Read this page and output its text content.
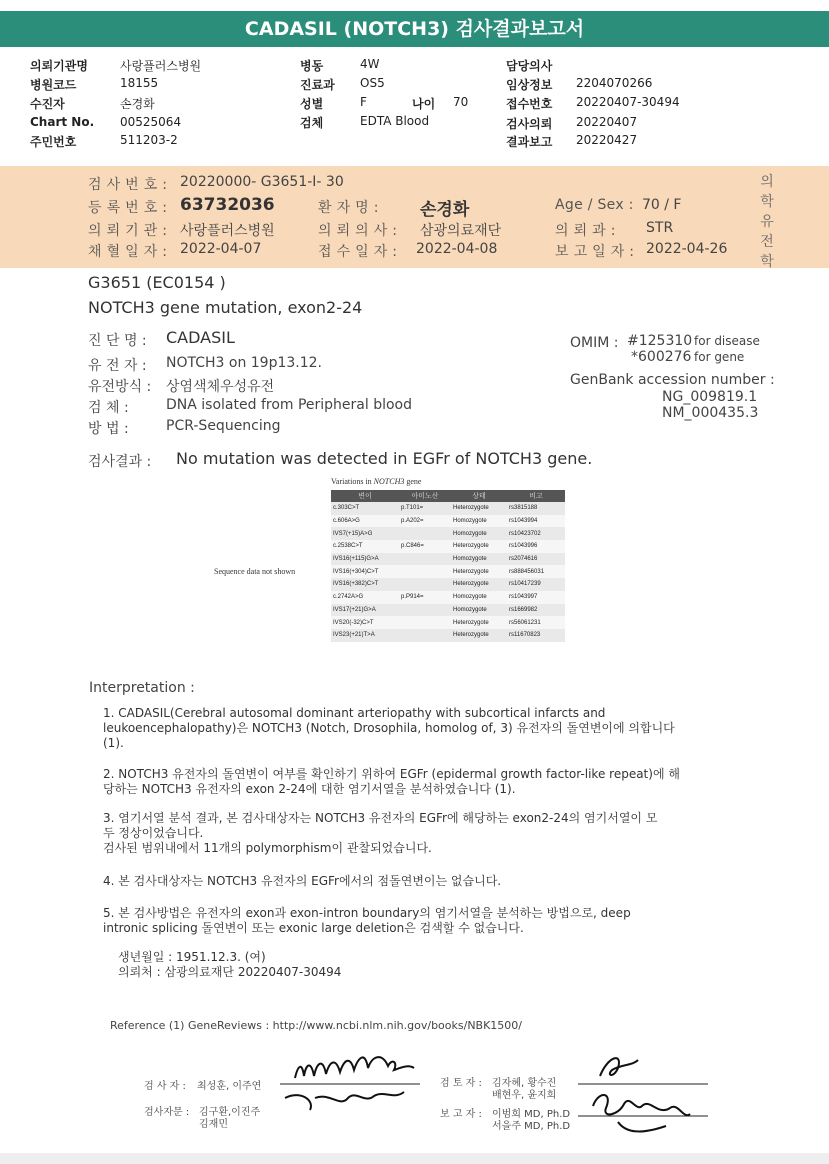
CADASIL (NOTCH3) 검사결과보고서
의뢰기관명	사랑플러스병원
병원코드	18155
수진자	손경화
Chart No. 00525064
주민번호	511203-2
병동	4W
진료과 OS5
성별	F	나이 70
검체	EDTA Blood
담당의사
임상정보 2204070266
접수번호 20220407-30494
검사의뢰 20220407
결과보고 20220427
검 사 번 호 : 20220000- G3651-I- 30
등 록 번 호 : 63732036	환 자 명 : 손경화	Age / Sex : 70 / F
의 뢰 기 관 : 사랑플러스병원	의 뢰 의 사 : 삼광의료재단	의 뢰 과 : STR
채 혈 일 자 : 2022-04-07	접 수 일 자 : 2022-04-08	보 고 일 자 : 2022-04-26
의
학
유
전
학
G3651 (EC0154 )
NOTCH3 gene mutation, exon2-24
진 단 명 : CADASIL
유 전 자 : NOTCH3 on 19p13.12.
유전방식 : 상염색체우성유전
검 체 :	DNA isolated from Peripheral blood
방 법 :	PCR-Sequencing
OMIM : #125310 for disease
*600276 for gene
GenBank accession number :
NG_009819.1
NM_000435.3
검사결과 : No mutation was detected in EGFr of NOTCH3 gene.
Variations in NOTCH3 gene
Sequence data not shown
변이	아미노산	상태	비고
c.303C>T	p.T101=	Heterozygote	rs3815188
c.606A>G	p.A202=	Homozygote	rs1043994
IVS7(+15)A>G		Homozygote	rs10423702
c.2538C>T	p.C846=	Heterozygote	rs1043996
IVS16(+115)G>A		Homozygote	rs2074616
IVS16(+304)C>T		Heterozygote	rs888456031
IVS16(+382)C>T		Heterozygote	rs10417239
c.2742A>G	p.P914=	Homozygote	rs1043997
IVS17(+21)G>A		Homozygote	rs1669982
IVS20(-32)C>T		Heterozygote	rs56061231
IVS23(+21)T>A		Heterozygote	rs11670823
Interpretation :
1. CADASIL(Cerebral autosomal dominant arteriopathy with subcortical infarcts and
leukoencephalopathy)은 NOTCH3 (Notch, Drosophila, homolog of, 3) 유전자의 돌연변이에 의합니다
(1).
2. NOTCH3 유전자의 돌연변이 여부를 확인하기 위하여 EGFr (epidermal growth factor-like repeat)에 해
당하는 NOTCH3 유전자의 exon 2-24에 대한 염기서열을 분석하였습니다 (1).
3. 염기서열 분석 결과, 본 검사대상자는 NOTCH3 유전자의 EGFr에 해당하는 exon2-24의 염기서열이 모
두 정상이었습니다.
검사된 범위내에서 11개의 polymorphism이 관찰되었습니다.
4. 본 검사대상자는 NOTCH3 유전자의 EGFr에서의 점돌연변이는 없습니다.
5. 본 검사방법은 유전자의 exon과 exon-intron boundary의 염기서열을 분석하는 방법으로, deep
intronic splicing 돌연변이 또는 exonic large deletion은 검색할 수 없습니다.
생년월일 : 1951.12.3. (여)
의뢰처 : 삼광의료재단 20220407-30494
Reference (1) GeneReviews : http://www.ncbi.nlm.nih.gov/books/NBK1500/
검 사 자 : 최성훈, 이주연
검사자문 : 김구환,이진주
김재민
검 토 자 : 김자혜, 황수진
배현우, 윤지희
보 고 자 : 이범희 MD, Ph.D
서을주 MD, Ph.D
